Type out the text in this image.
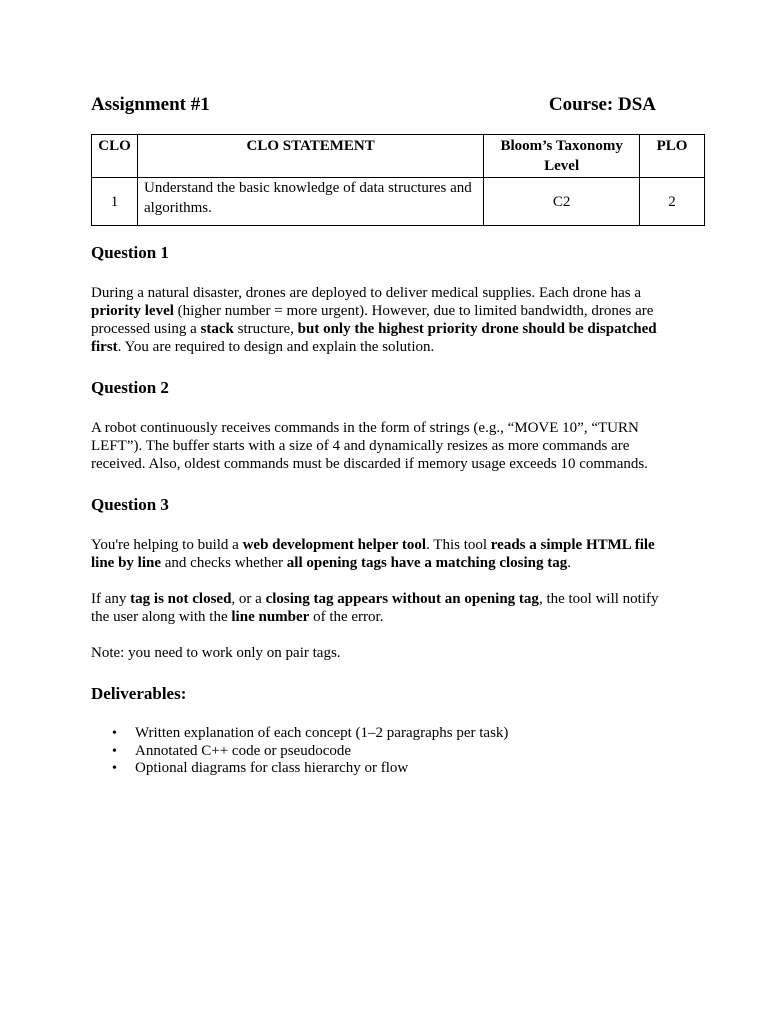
Assignment #1	Course: DSA
CLO	CLO STATEMENT	Bloom’s Taxonomy Level	PLO
1	Understand the basic knowledge of data structures and algorithms.	C2	2
Question 1

During a natural disaster, drones are deployed to deliver medical supplies. Each drone has a priority level (higher number = more urgent). However, due to limited bandwidth, drones are processed using a stack structure, but only the highest priority drone should be dispatched first. You are required to design and explain the solution.

Question 2

A robot continuously receives commands in the form of strings (e.g., “MOVE 10”, “TURN LEFT”). The buffer starts with a size of 4 and dynamically resizes as more commands are received. Also, oldest commands must be discarded if memory usage exceeds 10 commands.

Question 3

You're helping to build a web development helper tool. This tool reads a simple HTML file line by line and checks whether all opening tags have a matching closing tag.

If any tag is not closed, or a closing tag appears without an opening tag, the tool will notify the user along with the line number of the error.

Note: you need to work only on pair tags.

Deliverables:
• Written explanation of each concept (1–2 paragraphs per task)
• Annotated C++ code or pseudocode
• Optional diagrams for class hierarchy or flow
